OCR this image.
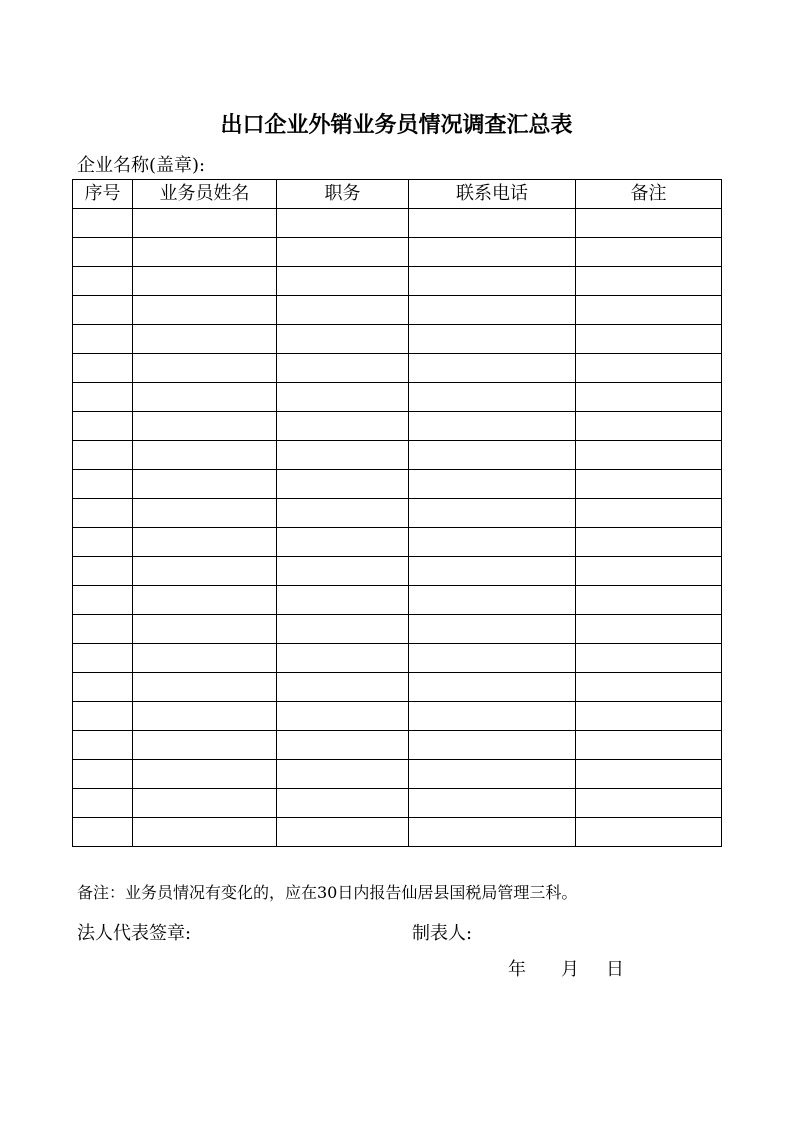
出口企业外销业务员情况调查汇总表
企业名称(盖章):
序号	业务员姓名	职务	联系电话	备注

备注：业务员情况有变化的，应在30日内报告仙居县国税局管理三科。
法人代表签章:	制表人:
年 月 日
